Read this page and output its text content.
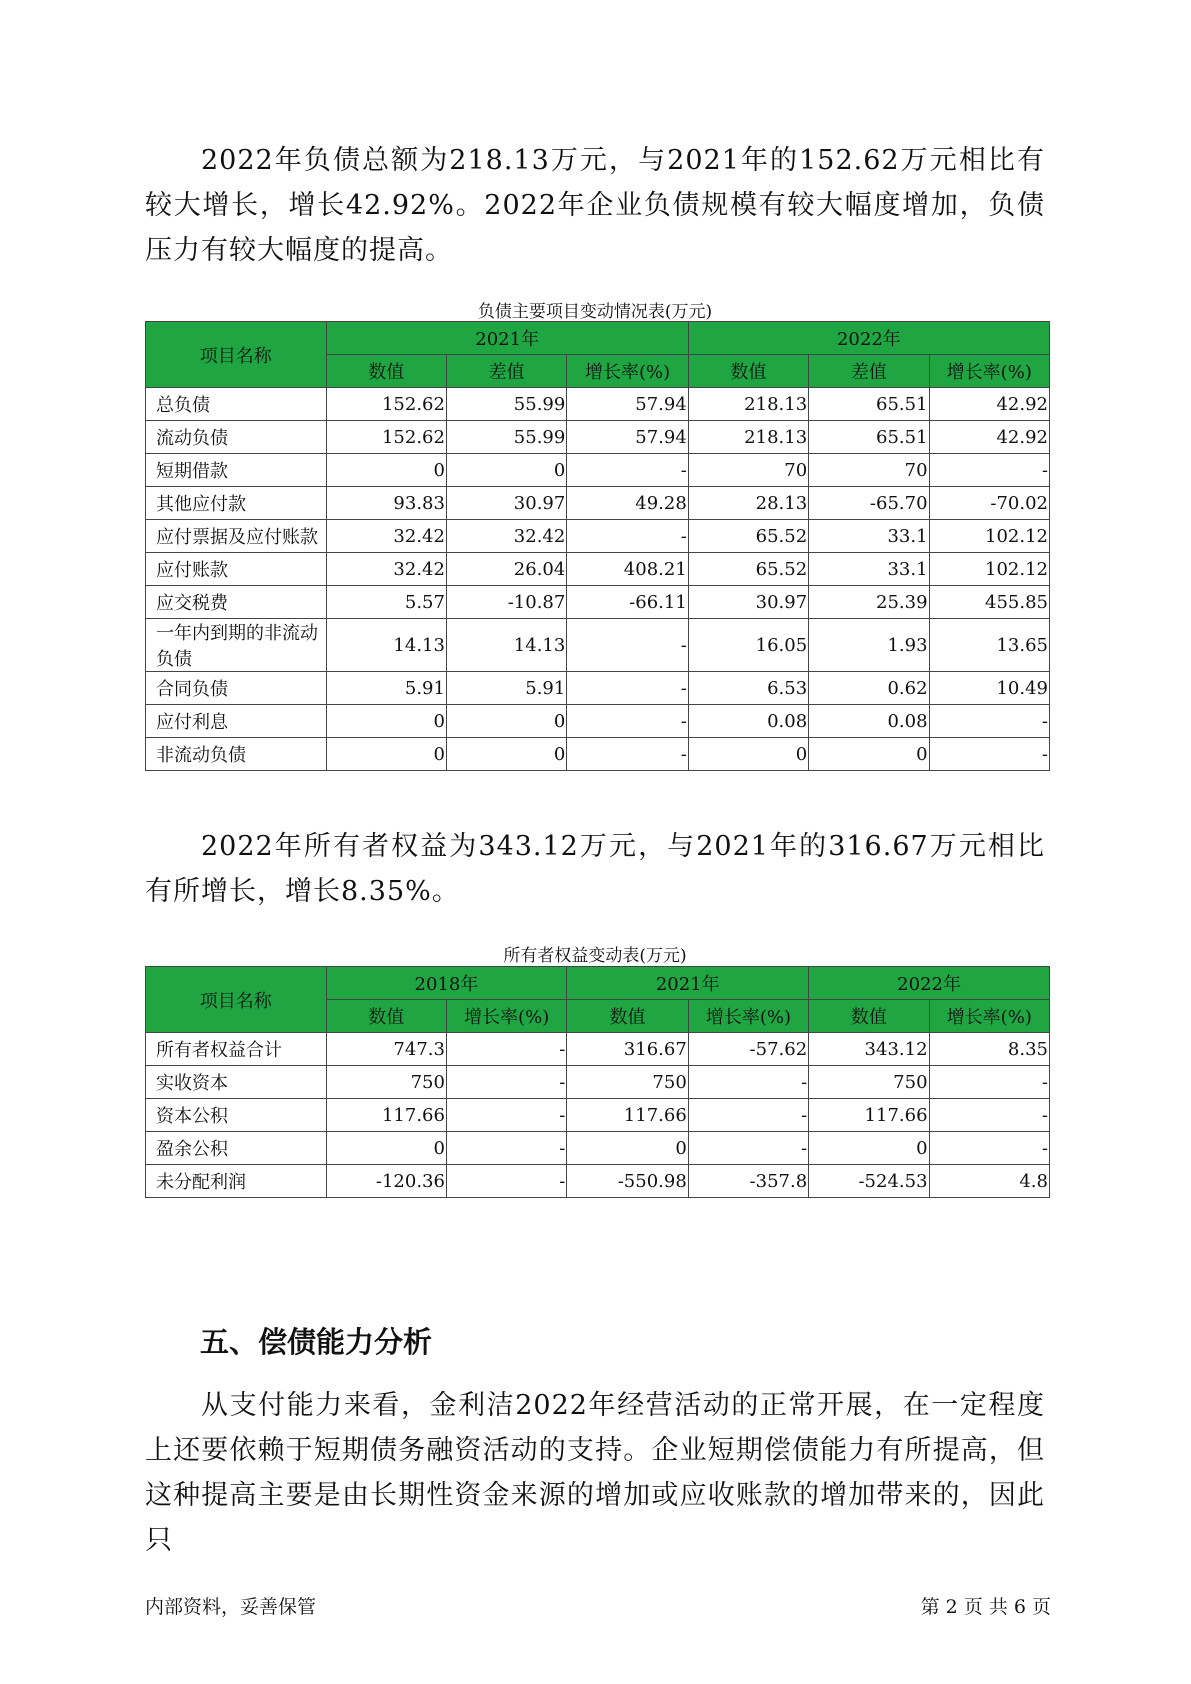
2022年负债总额为218.13万元，与2021年的152.62万元相比有较大增长，增长42.92%。2022年企业负债规模有较大幅度增加，负债压力有较大幅度的提高。

负债主要项目变动情况表(万元)

项目名称	2021年			2022年		
	数值	差值	增长率(%)	数值	差值	增长率(%)
总负债	152.62	55.99	57.94	218.13	65.51	42.92
流动负债	152.62	55.99	57.94	218.13	65.51	42.92
短期借款	0	0	-	70	70	-
其他应付款	93.83	30.97	49.28	28.13	-65.70	-70.02
应付票据及应付账款	32.42	32.42	-	65.52	33.1	102.12
应付账款	32.42	26.04	408.21	65.52	33.1	102.12
应交税费	5.57	-10.87	-66.11	30.97	25.39	455.85
一年内到期的非流动负债	14.13	14.13	-	16.05	1.93	13.65
合同负债	5.91	5.91	-	6.53	0.62	10.49
应付利息	0	0	-	0.08	0.08	-
非流动负债	0	0	-	0	0	-

2022年所有者权益为343.12万元，与2021年的316.67万元相比有所增长，增长8.35%。

所有者权益变动表(万元)

项目名称	2018年		2021年		2022年	
	数值	增长率(%)	数值	增长率(%)	数值	增长率(%)
所有者权益合计	747.3	-	316.67	-57.62	343.12	8.35
实收资本	750	-	750	-	750	-
资本公积	117.66	-	117.66	-	117.66	-
盈余公积	0	-	0	-	0	-
未分配利润	-120.36	-	-550.98	-357.8	-524.53	4.8
五、偿债能力分析

从支付能力来看，金利洁2022年经营活动的正常开展，在一定程度上还要依赖于短期债务融资活动的支持。企业短期偿债能力有所提高，但这种提高主要是由长期性资金来源的增加或应收账款的增加带来的，因此只

内部资料，妥善保管	第 2 页 共 6 页
